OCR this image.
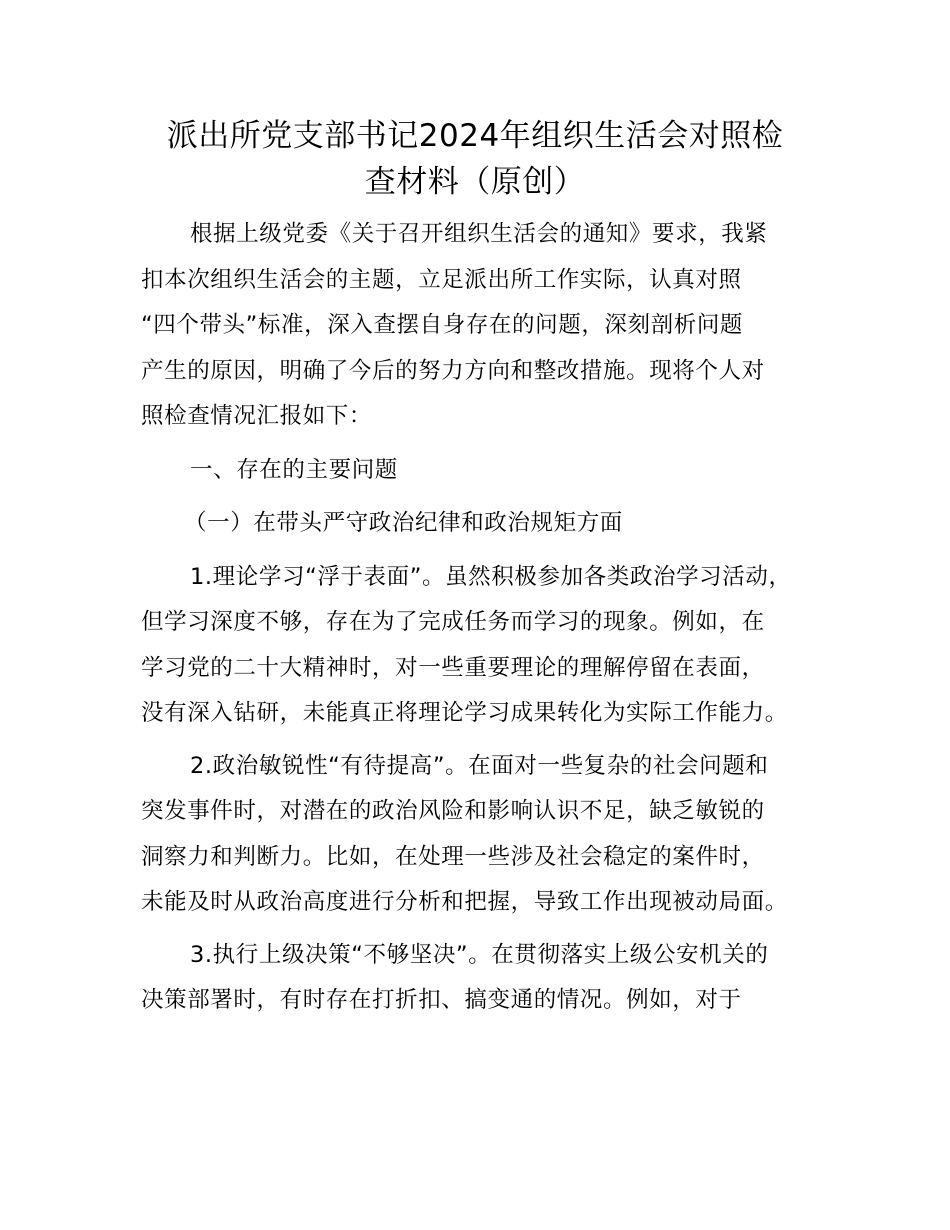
派出所党支部书记2024年组织生活会对照检
查材料（原创）

根据上级党委《关于召开组织生活会的通知》要求，我紧
扣本次组织生活会的主题，立足派出所工作实际，认真对照
“四个带头”标准，深入查摆自身存在的问题，深刻剖析问题
产生的原因，明确了今后的努力方向和整改措施。现将个人对
照检查情况汇报如下：

一、存在的主要问题

（一）在带头严守政治纪律和政治规矩方面

1.理论学习“浮于表面”。虽然积极参加各类政治学习活动，
但学习深度不够，存在为了完成任务而学习的现象。例如，在
学习党的二十大精神时，对一些重要理论的理解停留在表面，
没有深入钻研，未能真正将理论学习成果转化为实际工作能力。

2.政治敏锐性“有待提高”。在面对一些复杂的社会问题和
突发事件时，对潜在的政治风险和影响认识不足，缺乏敏锐的
洞察力和判断力。比如，在处理一些涉及社会稳定的案件时，
未能及时从政治高度进行分析和把握，导致工作出现被动局面。

3.执行上级决策“不够坚决”。在贯彻落实上级公安机关的
决策部署时，有时存在打折扣、搞变通的情况。例如，对于
